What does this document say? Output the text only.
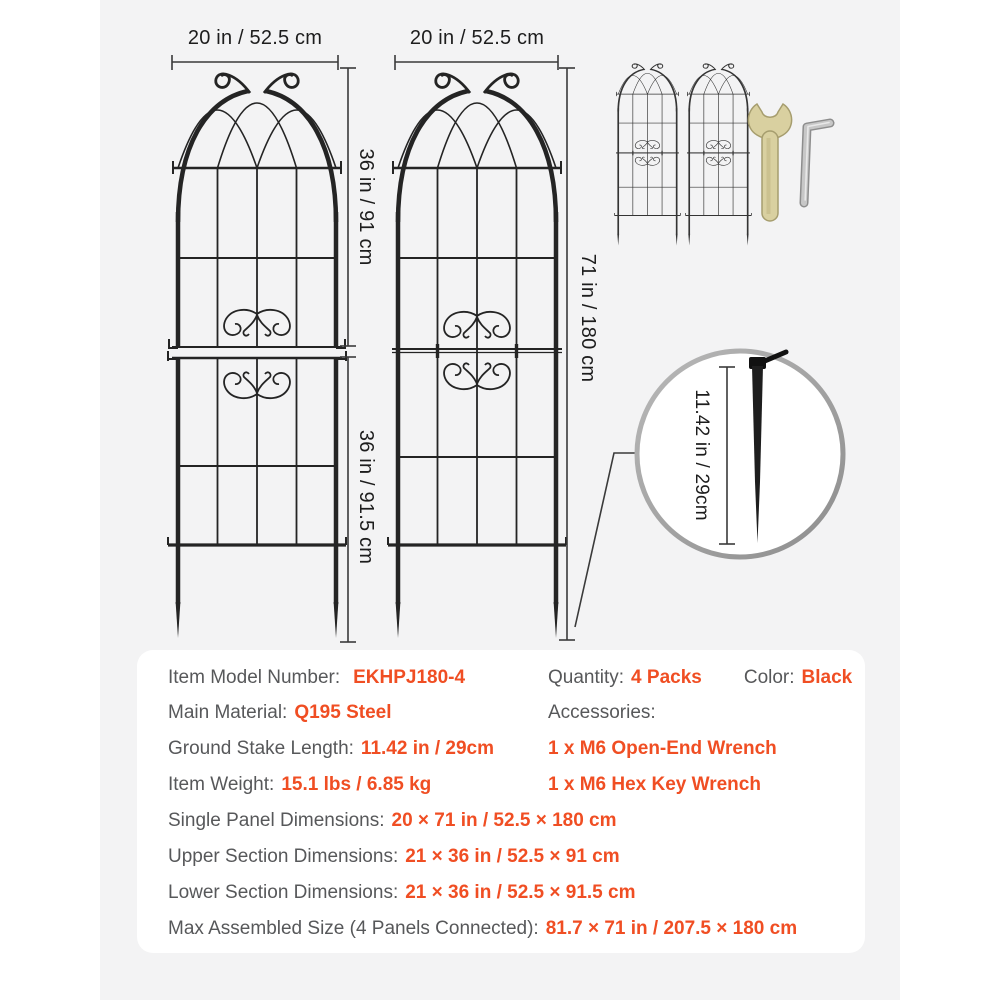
20 in / 52.5 cm	20 in / 52.5 cm
36 in / 91 cm
36 in / 91.5 cm
71 in / 180 cm
11.42 in / 29cm
Item Model Number: EKHPJ180-4
Main Material: Q195 Steel
Ground Stake Length: 11.42 in / 29cm
Item Weight: 15.1 lbs / 6.85 kg
Quantity: 4 Packs Color: Black
Accessories:
1 x M6 Open-End Wrench
1 x M6 Hex Key Wrench
Single Panel Dimensions: 20 × 71 in / 52.5 × 180 cm
Upper Section Dimensions: 21 × 36 in / 52.5 × 91 cm
Lower Section Dimensions: 21 × 36 in / 52.5 × 91.5 cm
Max Assembled Size (4 Panels Connected): 81.7 × 71 in / 207.5 × 180 cm
